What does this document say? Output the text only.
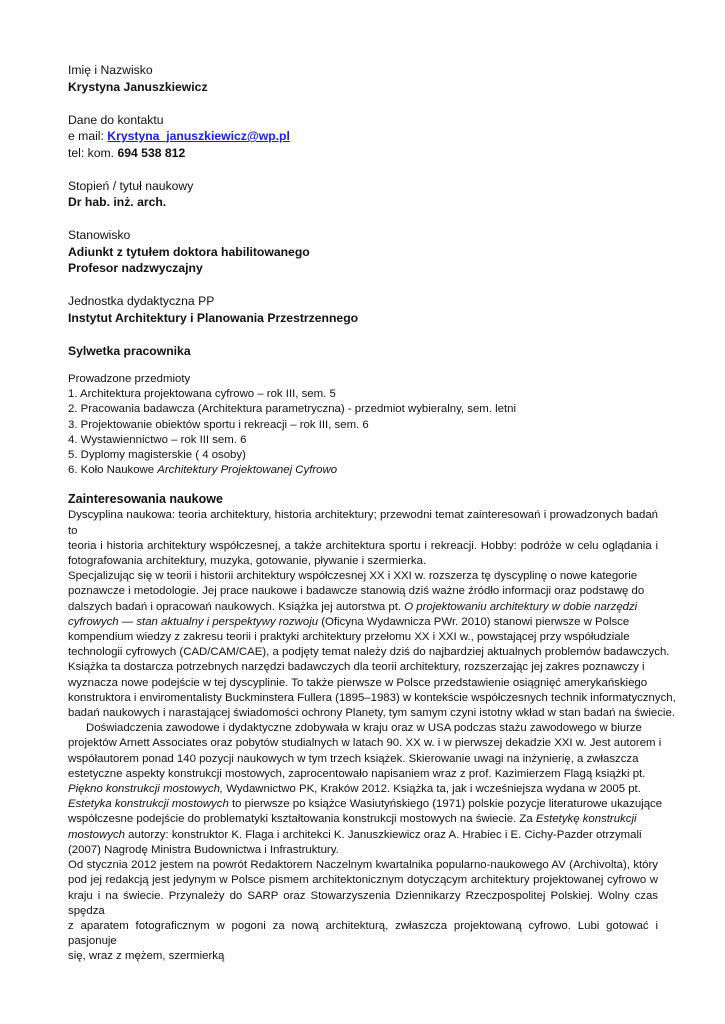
Imię i Nazwisko
Krystyna Januszkiewicz
Dane do kontaktu
e mail: Krystyna_januszkiewicz@wp.pl
tel: kom. 694 538 812
Stopień / tytuł naukowy
Dr hab. inż. arch.
Stanowisko
Adiunkt z tytułem doktora habilitowanego
Profesor nadzwyczajny
Jednostka dydaktyczna PP
Instytut Architektury i Planowania Przestrzennego
Sylwetka pracownika
Prowadzone przedmioty
1. Architektura projektowana cyfrowo – rok III, sem. 5
2. Pracowania badawcza (Architektura parametryczna) - przedmiot wybieralny, sem. letni
3. Projektowanie obiektów sportu i rekreacji – rok III, sem. 6
4. Wystawiennictwo – rok III sem. 6
5. Dyplomy magisterskie ( 4 osoby)
6. Koło Naukowe Architektury Projektowanej Cyfrowo
Zainteresowania naukowe
Dyscyplina naukowa: teoria architektury, historia architektury; przewodni temat zainteresowań i prowadzonych badań to
teoria i historia architektury współczesnej, a także architektura sportu i rekreacji. Hobby: podróże w celu oglądania i
fotografowania architektury, muzyka, gotowanie, pływanie i szermierka.
Specjalizując się w teorii i historii architektury współczesnej XX i XXI w. rozszerza tę dyscyplinę o nowe kategorie
poznawcze i metodologie. Jej prace naukowe i badawcze stanowią dziś ważne źródło informacji oraz podstawę do
dalszych badań i opracowań naukowych. Książka jej autorstwa pt. O projektowaniu architektury w dobie narzędzi
cyfrowych — stan aktualny i perspektywy rozwoju (Oficyna Wydawnicza PWr. 2010) stanowi pierwsze w Polsce
kompendium wiedzy z zakresu teorii i praktyki architektury przełomu XX i XXI w., powstającej przy współudziale
technologii cyfrowych (CAD/CAM/CAE), a podjęty temat należy dziś do najbardziej aktualnych problemów badawczych.
Książka ta dostarcza potrzebnych narzędzi badawczych dla teorii architektury, rozszerzając jej zakres poznawczy i
wyznacza nowe podejście w tej dyscyplinie. To także pierwsze w Polsce przedstawienie osiągnięć amerykańskiego
konstruktora i enviromentalisty Buckminstera Fullera (1895–1983) w kontekście współczesnych technik informatycznych,
badań naukowych i narastającej świadomości ochrony Planety, tym samym czyni istotny wkład w stan badań na świecie.
Doświadczenia zawodowe i dydaktyczne zdobywała w kraju oraz w USA podczas stażu zawodowego w biurze
projektów Arnett Associates oraz pobytów studialnych w latach 90. XX w. i w pierwszej dekadzie XXI w. Jest autorem i
współautorem ponad 140 pozycji naukowych w tym trzech książek. Skierowanie uwagi na inżynierię, a zwłaszcza
estetyczne aspekty konstrukcji mostowych, zaprocentowało napisaniem wraz z prof. Kazimierzem Flagą książki pt.
Piękno konstrukcji mostowych, Wydawnictwo PK, Kraków 2012. Książka ta, jak i wcześniejsza wydana w 2005 pt.
Estetyka konstrukcji mostowych to pierwsze po książce Wasiutyńskiego (1971) polskie pozycje literaturowe ukazujące
współczesne podejście do problematyki kształtowania konstrukcji mostowych na świecie. Za Estetykę konstrukcji
mostowych autorzy: konstruktor K. Flaga i architekci K. Januszkiewicz oraz A. Hrabiec i E. Cichy-Pazder otrzymali
(2007) Nagrodę Ministra Budownictwa i Infrastruktury.
Od stycznia 2012 jestem na powrót Redaktorem Naczelnym kwartalnika popularno-naukowego AV (Archivolta), który
pod jej redakcją jest jedynym w Polsce pismem architektonicznym dotyczącym architektury projektowanej cyfrowo w
kraju i na świecie. Przynależy do SARP oraz Stowarzyszenia Dziennikarzy Rzeczpospolitej Polskiej. Wolny czas spędza
z aparatem fotograficznym w pogoni za nową architekturą, zwłaszcza projektowaną cyfrowo. Lubi gotować i pasjonuje
się, wraz z mężem, szermierką
